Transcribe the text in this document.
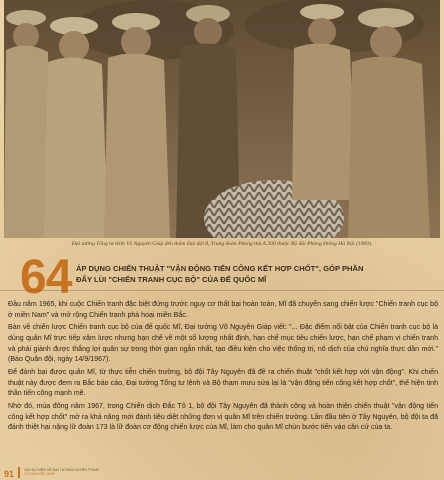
Đại tướng Tổng tư lệnh Võ Nguyên Giáp đến thăm Đại đội 8, Trung đoàn Phòng thủ A.200 thuộc Bộ đội Phòng không Hà Nội (1969).
64 ÁP DỤNG CHIẾN THUẬT "VẬN ĐỘNG TIẾN CÔNG KẾT HỢP CHỐT", GÓP PHẦN
ĐẨY LÙI "CHIẾN TRANH CỤC BỘ" CỦA ĐẾ QUỐC MĨ

Đầu năm 1965, khi cuộc Chiến tranh đặc biệt đứng trước nguy cơ thất bại hoàn toàn, Mĩ đã chuyển sang chiến lược "Chiến tranh cục bộ ở miền Nam" và mở rộng Chiến tranh phá hoại miền Bắc.

Bàn về chiến lược Chiến tranh cục bộ của đế quốc Mĩ, Đại tướng Võ Nguyên Giáp viết: "... Đặc điểm nổi bật của Chiến tranh cục bộ là dùng quân Mĩ trực tiếp xâm lược nhưng hạn chế về một số lượng nhất định, hạn chế mục tiêu chiến lược, hạn chế phạm vi chiến tranh và phải giành được thắng lợi quân sự trong thời gian ngắn nhất, tạo điều kiện cho việc thống trị, nô dịch của chủ nghĩa thực dân mới." (Báo Quân đội, ngày 14/9/1967).

Để đánh bại được quân Mĩ, từ thực tiễn chiến trường, bộ đội Tây Nguyên đã đề ra chiến thuật "chốt kết hợp với vận động". Khi chiến thuật này được đem ra Bắc báo cáo, Đại tướng Tổng tư lệnh và Bộ tham mưu sửa lại là "vận động tiến công kết hợp chốt", thể hiện tinh thần tiến công mạnh mẽ.

Nhờ đó, mùa đông năm 1967, trong Chiến dịch Đắc Tô 1, bộ đội Tây Nguyên đã thành công và hoàn thiện chiến thuật "vận động tiến công kết hợp chốt" mở ra khả năng mới đánh tiêu diệt những đơn vị quân Mĩ trên chiến trường. Lần đầu tiên ở Tây Nguyên, bộ đội ta đã đánh thiệt hại nặng lữ đoàn 173 là lữ đoàn cơ động chiến lược của Mĩ, làm cho quân Mĩ chùn bước tiến vào căn cứ của ta.

91	100 SỰ KIỆN VỀ ĐẠI TƯỚNG HUYỀN THOẠI
VÕ NGUYÊN GIÁP
